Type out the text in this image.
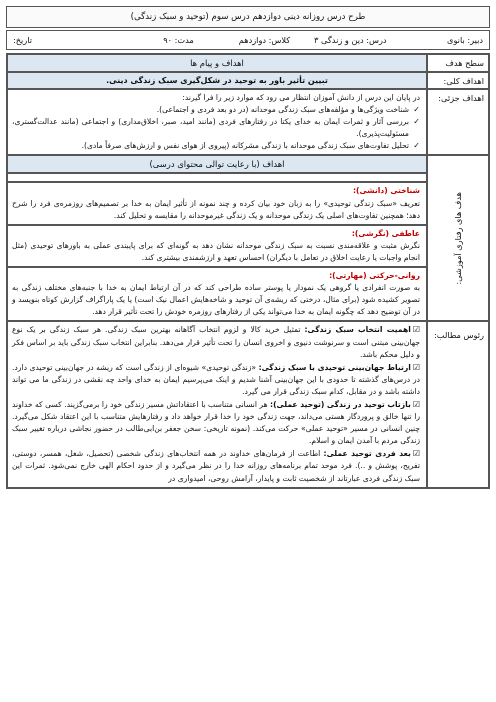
طرح درس روزانه دینی دوازدهم درس سوم (توحید و سبک زندگی)
دبیر: بانوی
درس: دین و زندگی ۳
کلاس: دوازدهم
مدت: ۹۰
تاریخ:
سطح هدف
اهداف و پیام ها
اهداف کلی:
تبیین تأثیر باور به توحید در شکل‌گیری سبک زندگی دینی.
اهداف جزئی:
در پایان این درس از دانش آموزان انتظار می رود که موارد زیر را فرا گیرند:
✓ شناخت ویژگی‌ها و مؤلفه‌های سبک زندگی موحدانه (در دو بعد فردی و اجتماعی).
✓ بررسی آثار و ثمرات ایمان به خدای یکتا در رفتارهای فردی (مانند امید، صبر، اخلاق‌مداری) و اجتماعی (مانند عدالت‌گستری، مسئولیت‌پذیری).
✓ تحلیل تفاوت‌های سبک زندگی موحدانه با زندگی مشرکانه (پیروی از هوای نفس و ارزش‌های صرفاً مادی).
هدف های رفتاری آموزشی:
اهداف (با رعایت توالی محتوای درسی)
شناختی (دانشی):
تعریف «سبک زندگی توحیدی» را به زبان خود بیان کرده و چند نمونه از تأثیر ایمان به خدا بر تصمیم‌های روزمره‌ی فرد را شرح دهد؛ همچنین تفاوت‌های اصلی یک زندگی موحدانه و یک زندگی غیرموحدانه را مقایسه و تحلیل کند.
عاطفی (نگرشی):
نگرش مثبت و علاقه‌مندی نسبت به سبک زندگی موحدانه نشان دهد به گونه‌ای که برای پایبندی عملی به باورهای توحیدی (مثل انجام واجبات یا رعایت اخلاق در تعامل با دیگران) احساس تعهد و ارزشمندی بیشتری کند.
روانی-حرکتی (مهارتی):
به صورت انفرادی یا گروهی یک نمودار یا پوستر ساده طراحی کند که در آن ارتباط ایمان به خدا با جنبه‌های مختلف زندگی به تصویر کشیده شود (برای مثال، درختی که ریشه‌ی آن توحید و شاخه‌هایش اعمال نیک است) یا یک پاراگراف گزارش کوتاه بنویسد و در آن توضیح دهد که چگونه ایمان به خدا می‌تواند یکی از رفتارهای روزمره خودش را تحت تأثیر قرار دهد.
رئوس مطالب:
☑اهمیت انتخاب سبک زندگی: تمثیل خرید کالا و لزوم انتخاب آگاهانه بهترین سبک زندگی. هر سبک زندگی بر یک نوع جهان‌بینی مبتنی است و سرنوشت دنیوی و اخروی انسان را تحت تأثیر قرار می‌دهد. بنابراین انتخاب سبک زندگی باید بر اساس فکر و دلیل محکم باشد.
☑ارتباط جهان‌بینی توحیدی با سبک زندگی: «زندگی توحیدی» شیوه‌ای از زندگی است که ریشه در جهان‌بینی توحیدی دارد. در درس‌های گذشته تا حدودی با این جهان‌بینی آشنا شدیم و اینک می‌پرسیم ایمان به خدای واحد چه نقشی در زندگی ما می تواند داشته باشد و در مقابل، کدام سبک زندگی قرار می گیرد.
☑بازتاب توحید در زندگی (توحید عملی): هر انسانی متناسب با اعتقاداتش مسیر زندگی خود را برمی‌گزیند. کسی که خداوند را تنها خالق و پروردگار هستی می‌داند، جهت زندگی خود را خدا قرار خواهد داد و رفتارهایش متناسب با این اعتقاد شکل می‌گیرد. چنین انسانی در مسیر «توحید عملی» حرکت می‌کند. (نمونه تاریخی: سخن جعفر بن‌ابی‌طالب در حضور نجاشی درباره تغییر سبک زندگی مردم با آمدن ایمان و اسلام.
☑بعد فردی توحید عملی: اطاعت از فرمان‌های خداوند در همه انتخاب‌های زندگی شخصی (تحصیل، شغل، همسر، دوستی، تفریح، پوشش و ..). فرد موحد تمام برنامه‌های روزانه خدا را در نظر می‌گیرد و از حدود احکام الهی خارج نمی‌شود. ثمرات این سبک زندگی فردی عبارتاند از شخصیت ثابت و پایدار، آرامش روحی، امیدواری در
